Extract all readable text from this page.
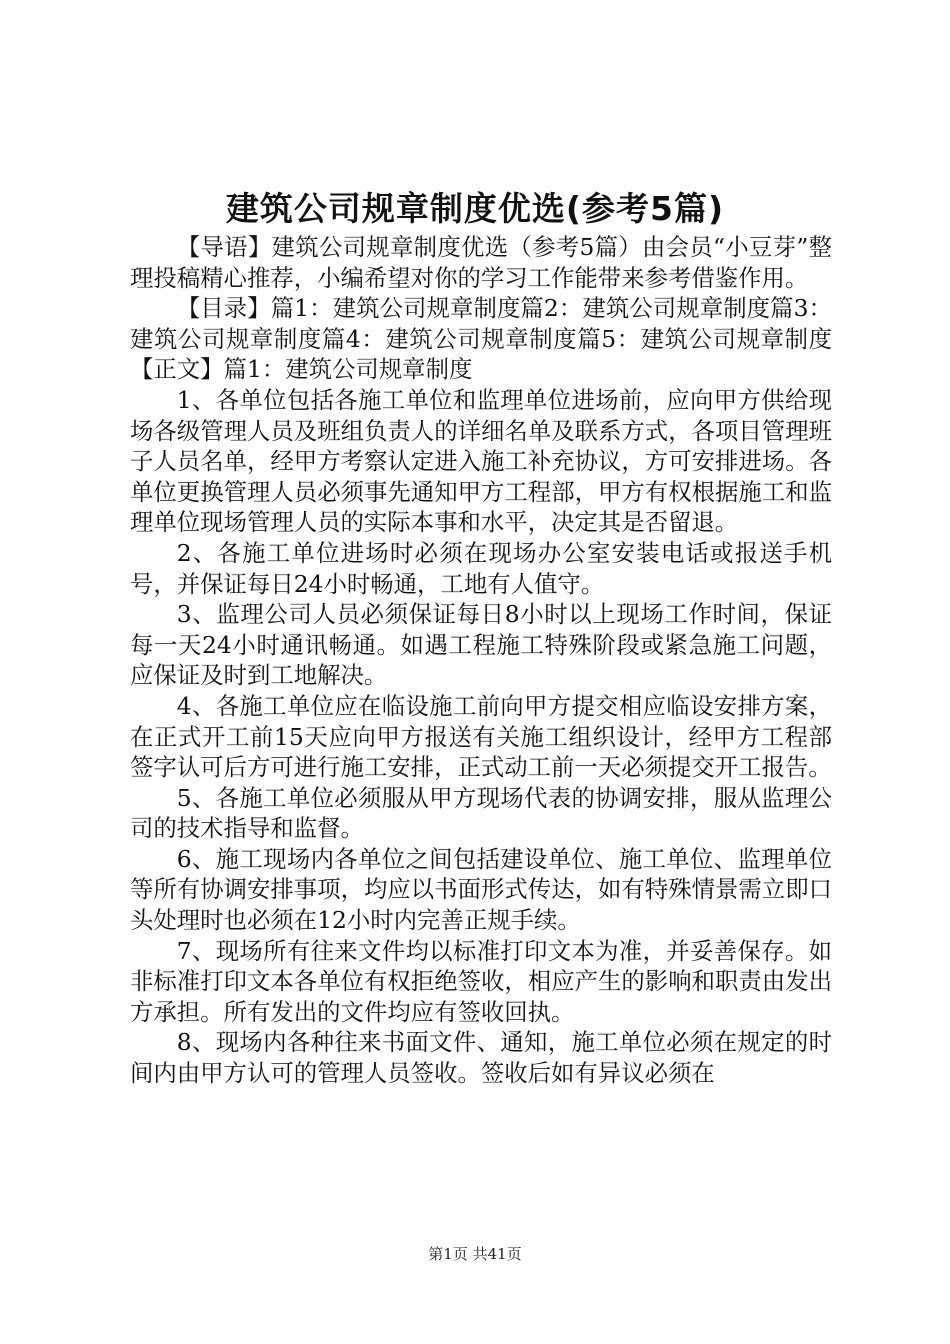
建筑公司规章制度优选(参考5篇)

【导语】建筑公司规章制度优选（参考5篇）由会员“小豆芽”整理投稿精心推荐，小编希望对你的学习工作能带来参考借鉴作用。

【目录】篇1：建筑公司规章制度篇2：建筑公司规章制度篇3：建筑公司规章制度篇4：建筑公司规章制度篇5：建筑公司规章制度【正文】篇1：建筑公司规章制度

1、各单位包括各施工单位和监理单位进场前，应向甲方供给现场各级管理人员及班组负责人的详细名单及联系方式，各项目管理班子人员名单，经甲方考察认定进入施工补充协议，方可安排进场。各单位更换管理人员必须事先通知甲方工程部，甲方有权根据施工和监理单位现场管理人员的实际本事和水平，决定其是否留退。

2、各施工单位进场时必须在现场办公室安装电话或报送手机号，并保证每日24小时畅通，工地有人值守。

3、监理公司人员必须保证每日8小时以上现场工作时间，保证每一天24小时通讯畅通。如遇工程施工特殊阶段或紧急施工问题，应保证及时到工地解决。

4、各施工单位应在临设施工前向甲方提交相应临设安排方案，在正式开工前15天应向甲方报送有关施工组织设计，经甲方工程部签字认可后方可进行施工安排，正式动工前一天必须提交开工报告。

5、各施工单位必须服从甲方现场代表的协调安排，服从监理公司的技术指导和监督。

6、施工现场内各单位之间包括建设单位、施工单位、监理单位等所有协调安排事项，均应以书面形式传达，如有特殊情景需立即口头处理时也必须在12小时内完善正规手续。

7、现场所有往来文件均以标准打印文本为准，并妥善保存。如非标准打印文本各单位有权拒绝签收，相应产生的影响和职责由发出方承担。所有发出的文件均应有签收回执。

8、现场内各种往来书面文件、通知，施工单位必须在规定的时间内由甲方认可的管理人员签收。签收后如有异议必须在

第1页 共41页
